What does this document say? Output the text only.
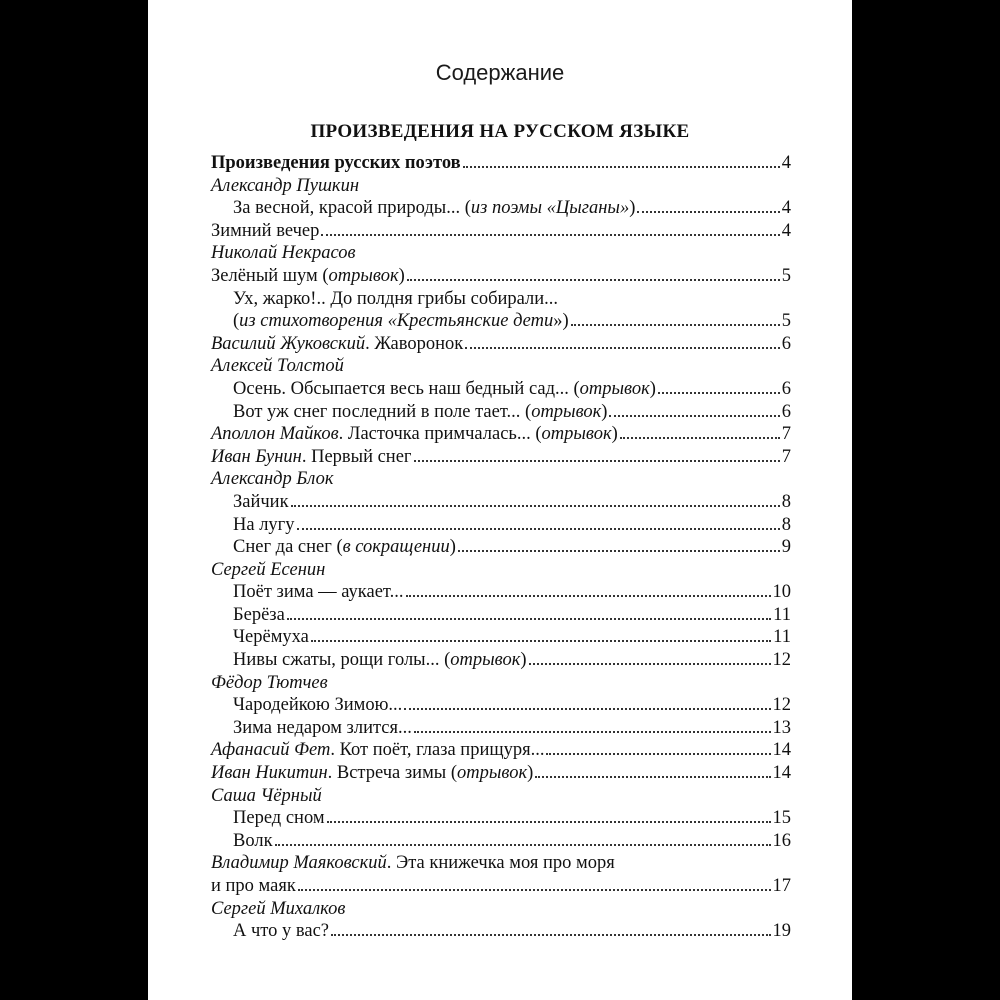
Содержание
ПРОИЗВЕДЕНИЯ НА РУССКОМ ЯЗЫКЕ
Произведения русских поэтов	4
Александр Пушкин
За весной, красой природы... (из поэмы «Цыганы»)	4
Зимний вечер	4
Николай Некрасов
Зелёный шум (отрывок)	5
Ух, жарко!.. До полдня грибы собирали...
(из стихотворения «Крестьянские дети»)	5
Василий Жуковский. Жаворонок	6
Алексей Толстой
Осень. Обсыпается весь наш бедный сад... (отрывок)	6
Вот уж снег последний в поле тает... (отрывок)	6
Аполлон Майков. Ласточка примчалась... (отрывок)	7
Иван Бунин. Первый снег	7
Александр Блок
Зайчик	8
На лугу	8
Снег да снег (в сокращении)	9
Сергей Есенин
Поёт зима — аукает...	10
Берёза	11
Черёмуха	11
Нивы сжаты, рощи голы... (отрывок)	12
Фёдор Тютчев
Чародейкою Зимою...	12
Зима недаром злится...	13
Афанасий Фет. Кот поёт, глаза прищуря...	14
Иван Никитин. Встреча зимы (отрывок)	14
Саша Чёрный
Перед сном	15
Волк	16
Владимир Маяковский. Эта книжечка моя про моря
и про маяк	17
Сергей Михалков
А что у вас?	19
